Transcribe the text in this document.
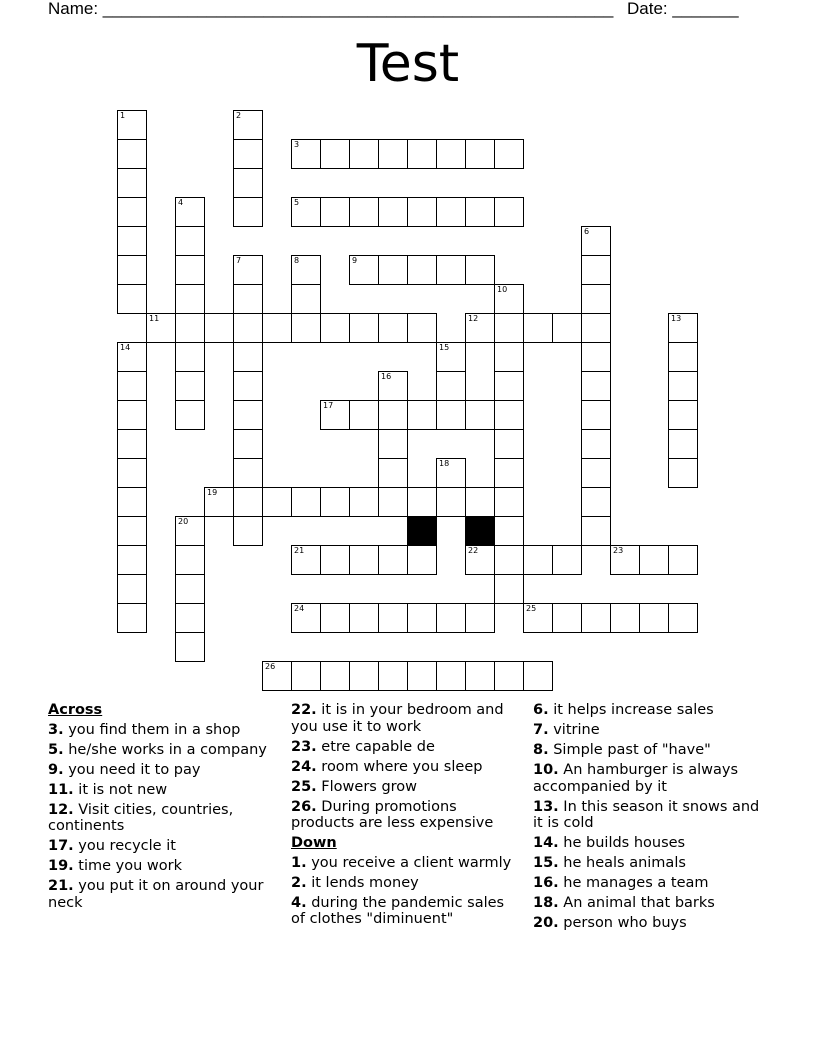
Name: ______________________________________________________ Date: _______
Test
3
5
9
11	12
17
19
21	22	23
24	25
26
1	2
4
6
7	8
10
13
14	15
16
18
20
Across
3. you find them in a shop
5. he/she works in a company
9. you need it to pay
11. it is not new
12. Visit cities, countries, continents
17. you recycle it
19. time you work
21. you put it on around your neck
22. it is in your bedroom and you use it to work
23. etre capable de
24. room where you sleep
25. Flowers grow
26. During promotions products are less expensive
Down
1. you receive a client warmly
2. it lends money
4. during the pandemic sales of clothes "diminuent"
6. it helps increase sales
7. vitrine
8. Simple past of "have"
10. An hamburger is always accompanied by it
13. In this season it snows and it is cold
14. he builds houses
15. he heals animals
16. he manages a team
18. An animal that barks
20. person who buys
